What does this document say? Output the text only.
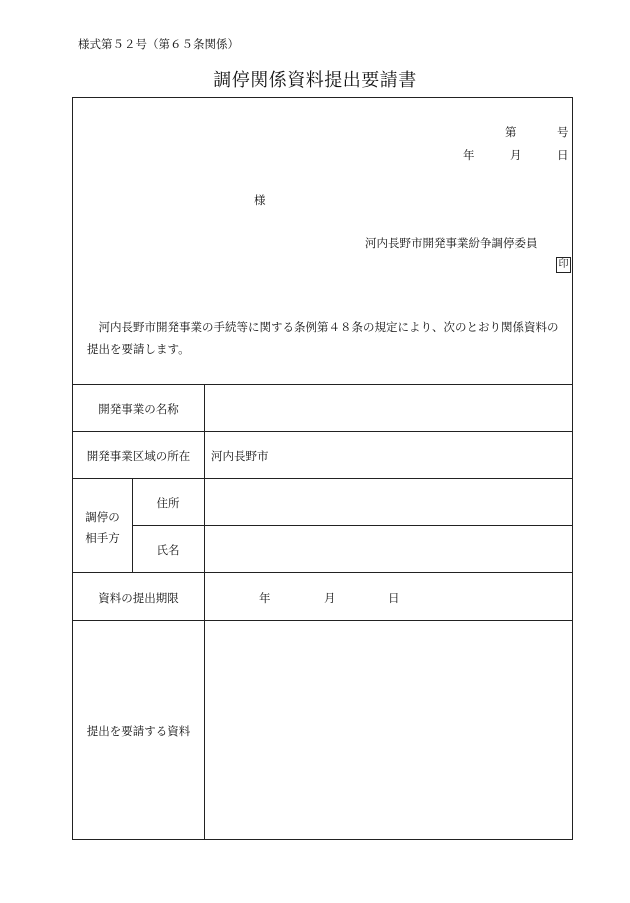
様式第５２号（第６５条関係）
調停関係資料提出要請書
第	号
年	月	日
様
河内長野市開発事業紛争調停委員
印
河内長野市開発事業の手続等に関する条例第４８条の規定により、次のとおり関係資料の提出を要請します。
開発事業の名称
開発事業区域の所在	河内長野市
調停の
相手方
住所
氏名
資料の提出期限	年	月	日
提出を要請する資料
